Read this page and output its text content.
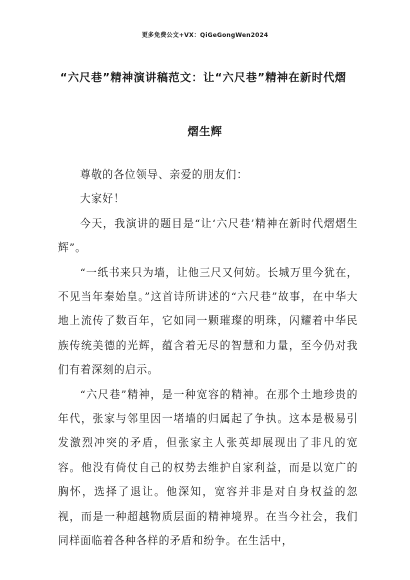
更多免费公文+VX：QiGeGongWen2024
“六尺巷”精神演讲稿范文：让“六尺巷”精神在新时代熠
熠生辉

尊敬的各位领导、亲爱的朋友们：

大家好！

今天，我演讲的题目是“让‘六尺巷’精神在新时代熠熠生辉”。

“一纸书来只为墙，让他三尺又何妨。长城万里今犹在，不见当年秦始皇。”这首诗所讲述的“六尺巷”故事，在中华大地上流传了数百年，它如同一颗璀璨的明珠，闪耀着中华民族传统美德的光辉，蕴含着无尽的智慧和力量，至今仍对我们有着深刻的启示。

“六尺巷”精神，是一种宽容的精神。在那个土地珍贵的年代，张家与邻里因一堵墙的归属起了争执。这本是极易引发激烈冲突的矛盾，但张家主人张英却展现出了非凡的宽容。他没有倚仗自己的权势去维护自家利益，而是以宽广的胸怀，选择了退让。他深知，宽容并非是对自身权益的忽视，而是一种超越物质层面的精神境界。在当今社会，我们同样面临着各种各样的矛盾和纷争。在生活中，
